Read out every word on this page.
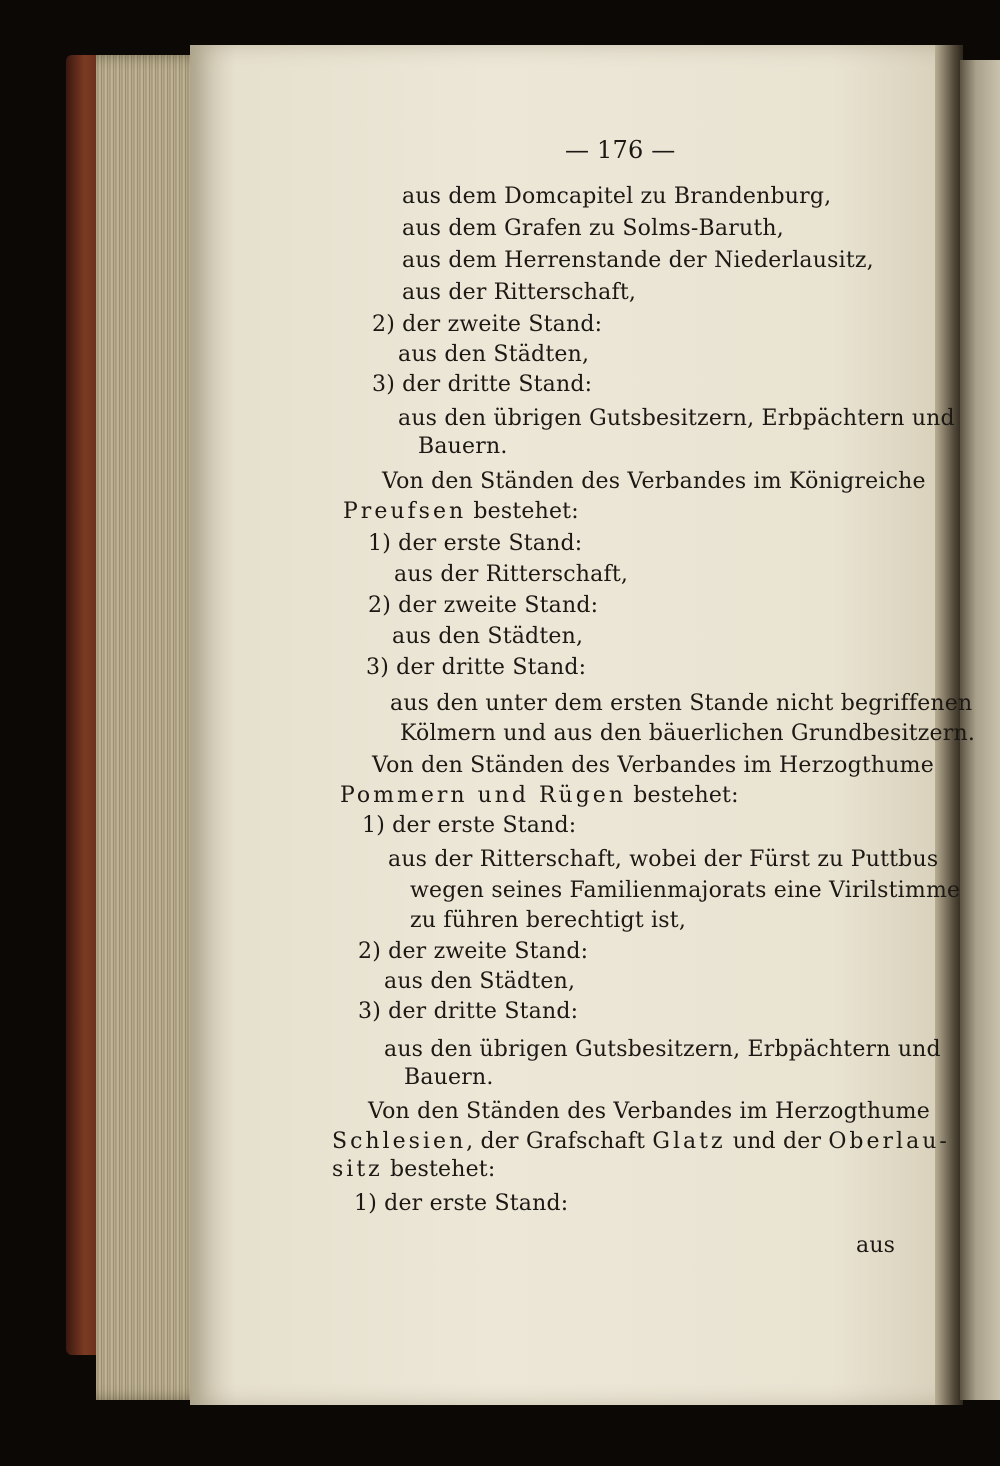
— 176 —
aus dem Domcapitel zu Brandenburg,
aus dem Grafen zu Solms-Baruth,
aus dem Herrenstande der Niederlausitz,
aus der Ritterschaft,
2) der zweite Stand:
aus den Städten,
3) der dritte Stand:
aus den übrigen Gutsbesitzern, Erbpächtern und
Bauern.
Von den Ständen des Verbandes im Königreiche
Preufsen bestehet:
1) der erste Stand:
aus der Ritterschaft,
2) der zweite Stand:
aus den Städten,
3) der dritte Stand:
aus den unter dem ersten Stande nicht begriffenen
Kölmern und aus den bäuerlichen Grundbesitzern.
Von den Ständen des Verbandes im Herzogthume
Pommern und Rügen bestehet:
1) der erste Stand:
aus der Ritterschaft, wobei der Fürst zu Puttbus
wegen seines Familienmajorats eine Virilstimme
zu führen berechtigt ist,
2) der zweite Stand:
aus den Städten,
3) der dritte Stand:
aus den übrigen Gutsbesitzern, Erbpächtern und
Bauern.
Von den Ständen des Verbandes im Herzogthume
Schlesien, der Grafschaft Glatz und der Oberlau-
sitz bestehet:
1) der erste Stand:
aus
